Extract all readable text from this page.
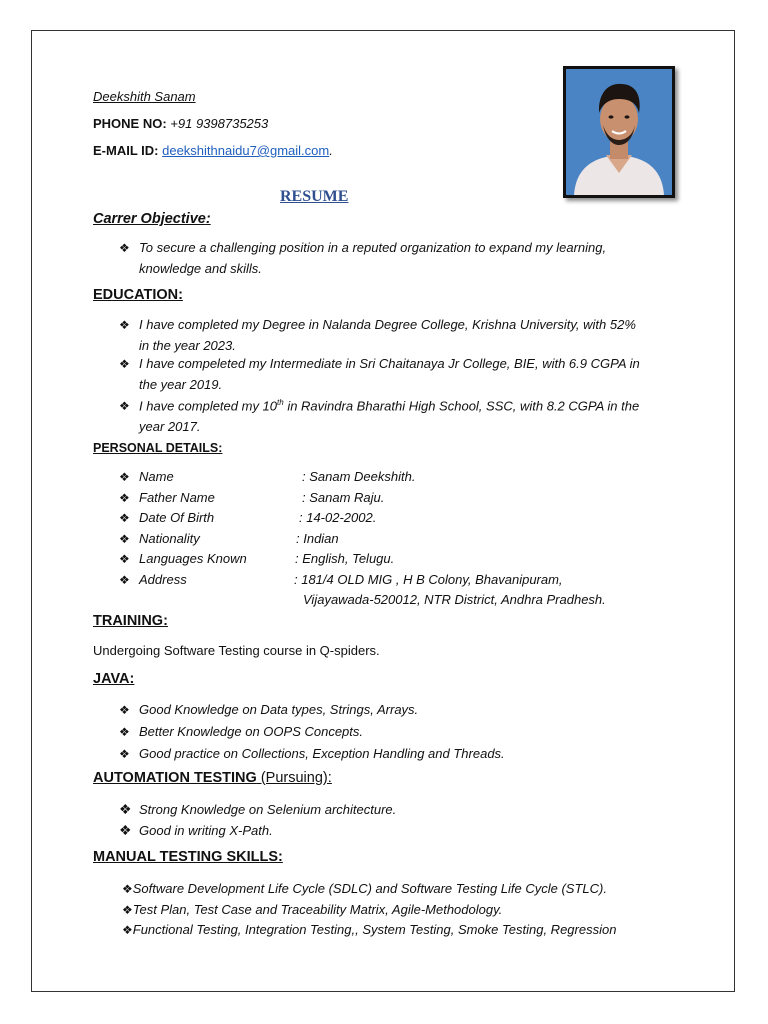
Deekshith Sanam
PHONE NO: +91 9398735253
E-MAIL ID: deekshithnaidu7@gmail.com.
RESUME
Carrer Objective:
❖ To secure a challenging position in a reputed organization to expand my learning,
knowledge and skills.
EDUCATION:
❖ I have completed my Degree in Nalanda Degree College, Krishna University, with 52%
in the year 2023.
❖ I have compeleted my Intermediate in Sri Chaitanaya Jr College, BIE, with 6.9 CGPA in
the year 2019.
❖ I have completed my 10th in Ravindra Bharathi High School, SSC, with 8.2 CGPA in the
year 2017.
PERSONAL DETAILS:
❖ Name	: Sanam Deekshith.
❖ Father Name	: Sanam Raju.
❖ Date Of Birth	: 14-02-2002.
❖ Nationality	: Indian
❖ Languages Known	: English, Telugu.
❖ Address	: 181/4 OLD MIG , H B Colony, Bhavanipuram,
Vijayawada-520012, NTR District, Andhra Pradhesh.
TRAINING:
Undergoing Software Testing course in Q-spiders.
JAVA:
❖ Good Knowledge on Data types, Strings, Arrays.
❖ Better Knowledge on OOPS Concepts.
❖ Good practice on Collections, Exception Handling and Threads.
AUTOMATION TESTING (Pursuing):
❖ Strong Knowledge on Selenium architecture.
❖ Good in writing X-Path.
MANUAL TESTING SKILLS:
❖Software Development Life Cycle (SDLC) and Software Testing Life Cycle (STLC).
❖Test Plan, Test Case and Traceability Matrix, Agile-Methodology.
❖Functional Testing, Integration Testing,, System Testing, Smoke Testing, Regression
